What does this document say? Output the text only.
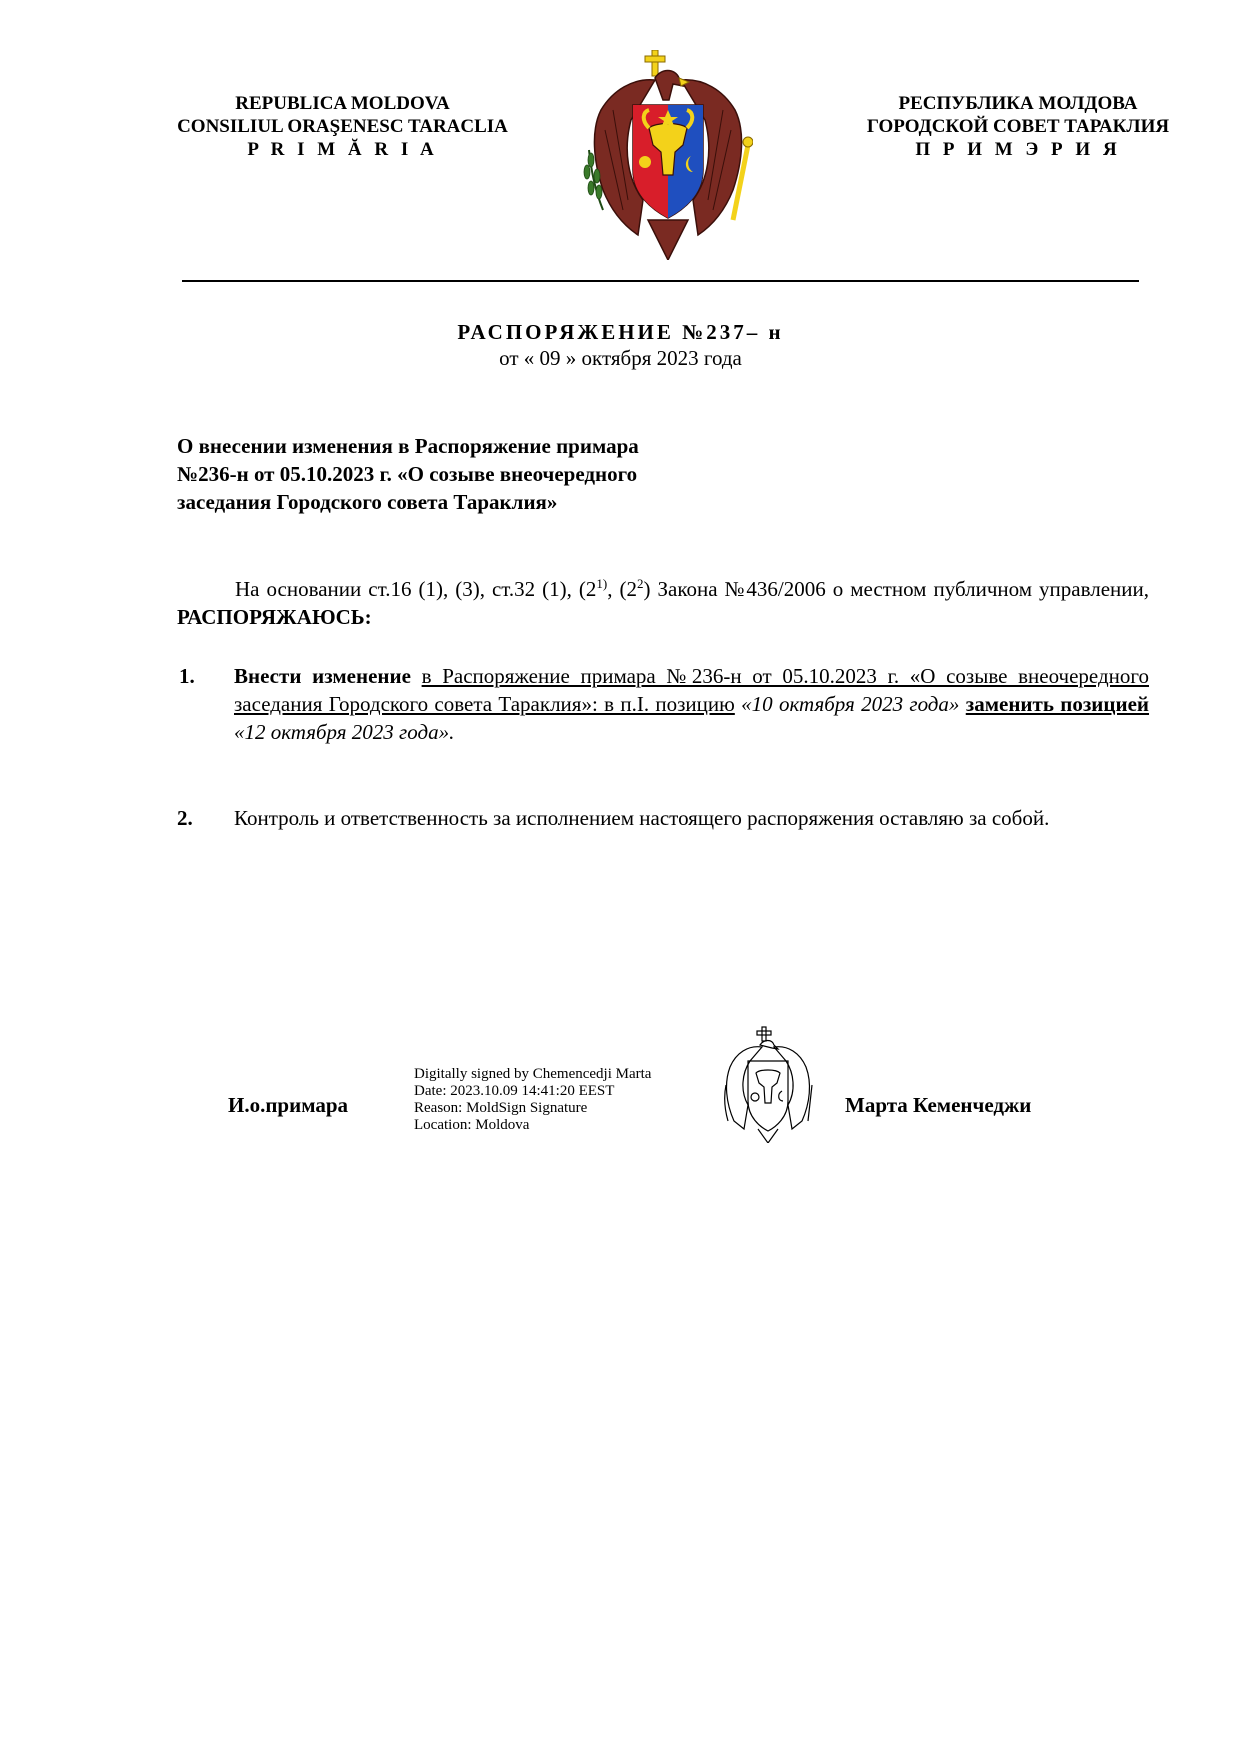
REPUBLICA MOLDOVA
CONSILIUL ORAŞENESC TARACLIA
P R I M Ă R I A
РЕСПУБЛИКА МОЛДОВА
ГОРОДСКОЙ СОВЕТ ТАРАКЛИЯ
П Р И М Э Р И Я
РАСПОРЯЖЕНИЕ №237– н
от « 09 » октября 2023 года
О внесении изменения в Распоряжение примара
№236-н от 05.10.2023 г. «О созыве внеочередного
заседания Городского совета Тараклия»
На основании ст.16 (1), (3), ст.32 (1), (2$^{1)}$, $(2^2)$ Закона №436/2006 о местном публичном управлении, РАСПОРЯЖАЮСЬ:
1. Внести изменение в Распоряжение примара №236-н от 05.10.2023 г. «О созыве внеочередного заседания Городского совета Тараклия»: в п.I. позицию «10 октября 2023 года» заменить позицией «12 октября 2023 года».
2. Контроль и ответственность за исполнением настоящего распоряжения оставляю за собой.
И.о.примара
Digitally signed by Chemencedji Marta
Date: 2023.10.09 14:41:20 EEST
Reason: MoldSign Signature
Location: Moldova
Марта Кеменчеджи
